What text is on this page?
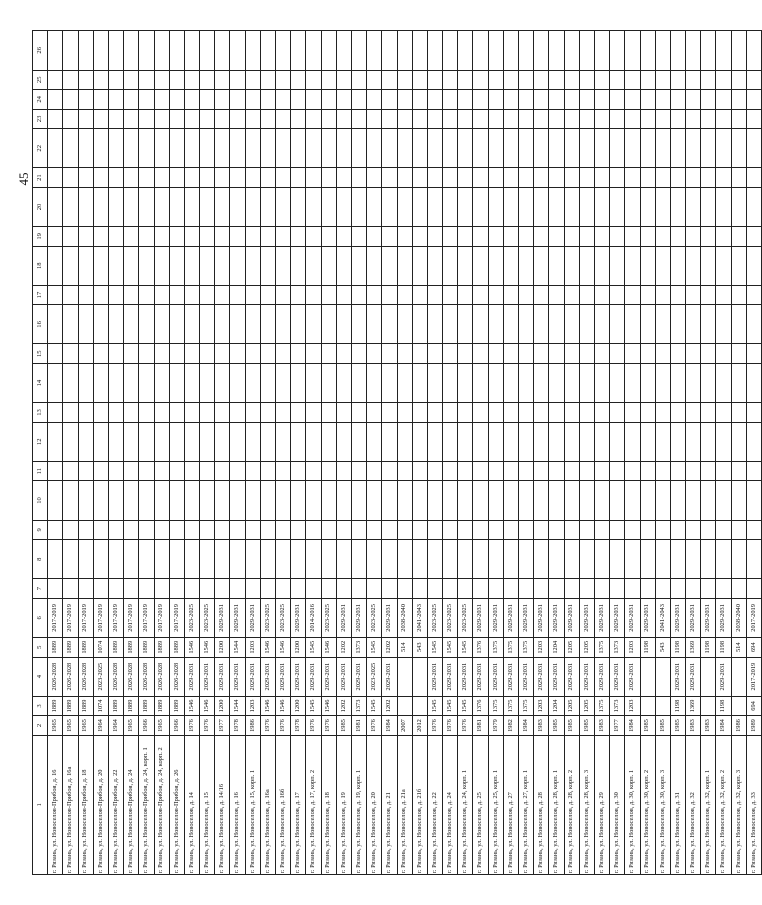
45
1	2	3	4	5	6	7	8	9	10	11	12	13	14	15	16	17	18	19	20	21	22	23	24	25	26
г. Рязань, ул. Новоселов-Прибоя, д. 16	1965	1889	2026-2028	1889	2017-2019																				
г. Рязань, ул. Новоселов-Прибоя, д. 16а	1965	1889	2026-2028	1889	2017-2019																				
г. Рязань, ул. Новоселов-Прибоя, д. 18	1965	1889	2026-2028	1889	2017-2019																				
г. Рязань, ул. Новоселов-Прибоя, д. 20	1964	1074	2023-2025	1074	2017-2019																				
г. Рязань, ул. Новоселов-Прибоя, д. 22	1964	1889	2026-2028	1889	2017-2019																				
г. Рязань, ул. Новоселов-Прибоя, д. 24	1965	1889	2026-2028	1889	2017-2019																				
г. Рязань, ул. Новоселов-Прибоя, д. 24, корп. 1	1966	1889	2026-2028	1889	2017-2019																				
г. Рязань, ул. Новоселов-Прибоя, д. 24, корп. 2	1965	1889	2026-2028	1889	2017-2019																				
г. Рязань, ул. Новоселов-Прибоя, д. 26	1966	1889	2026-2028	1889	2017-2019																				
г. Рязань, ул. Новоселов, д. 14	1976	1546	2029-2031	1546	2023-2025																				
г. Рязань, ул. Новоселов, д. 15	1976	1546	2029-2031	1546	2023-2025																				
г. Рязань, ул. Новоселов, д. 14/16	1977	1200	2029-2031	1200	2029-2031																				
г. Рязань, ул. Новоселов, д. 16	1978	1544	2029-2031	1544	2029-2031																				
г. Рязань, ул. Новоселов, д. 15, корп. 1	1986	1203	2029-2031	1203	2029-2031																				
г. Рязань, ул. Новоселов, д. 16а	1976	1546	2029-2031	1546	2023-2025																				
г. Рязань, ул. Новоселов, д. 16б	1976	1546	2029-2031	1546	2023-2025																				
г. Рязань, ул. Новоселов, д. 17	1978	1200	2029-2031	1200	2029-2031																				
г. Рязань, ул. Новоселов, д. 17, корп. 2	1976	1545	2029-2031	1545	2014-2016																				
г. Рязань, ул. Новоселов, д. 18	1976	1546	2029-2031	1546	2023-2025																				
г. Рязань, ул. Новоселов, д. 19	1985	1202	2029-2031	1202	2029-2031																				
г. Рязань, ул. Новоселов, д. 19, корп. 1	1981	1373	2029-2031	1373	2029-2031																				
г. Рязань, ул. Новоселов, д. 20	1976	1545	2023-2025	1545	2023-2025																				
г. Рязань, ул. Новоселов, д. 21	1984	1202	2029-2031	1202	2029-2031																				
г. Рязань, ул. Новоселов, д. 21а	2007			514	2038-2040																				
г. Рязань, ул. Новоселов, д. 21б	2012			543	2041-2043																				
г. Рязань, ул. Новоселов, д. 22	1976	1545	2029-2031	1545	2023-2025																				
г. Рязань, ул. Новоселов, д. 24	1976	1545	2029-2031	1545	2023-2025																				
г. Рязань, ул. Новоселов, д. 24, корп. 1	1976	1545	2029-2031	1545	2023-2025																				
г. Рязань, ул. Новоселов, д. 25	1981	1376	2029-2031	1376	2029-2031																				
г. Рязань, ул. Новоселов, д. 25, корп. 1	1979	1375	2029-2031	1375	2029-2031																				
г. Рязань, ул. Новоселов, д. 27	1982	1375	2029-2031	1375	2029-2031																				
г. Рязань, ул. Новоселов, д. 27, корп. 1	1984	1375	2029-2031	1375	2029-2031																				
г. Рязань, ул. Новоселов, д. 28	1983	1203	2029-2031	1203	2029-2031																				
г. Рязань, ул. Новоселов, д. 28, корп. 1	1985	1204	2029-2031	1204	2029-2031																				
г. Рязань, ул. Новоселов, д. 28, корп. 2	1985	1205	2029-2031	1205	2029-2031																				
г. Рязань, ул. Новоселов, д. 28, корп. 3	1985	1205	2029-2031	1205	2029-2031																				
г. Рязань, ул. Новоселов, д. 29	1983	1375	2029-2031	1375	2029-2031																				
г. Рязань, ул. Новоселов, д. 30	1977	1373	2029-2031	1373	2029-2031																				
г. Рязань, ул. Новоселов, д. 30, корп. 1	1984	1203	2029-2031	1203	2029-2031																				
г. Рязань, ул. Новоселов, д. 30, корп. 2	1985			1198	2029-2031																				
г. Рязань, ул. Новоселов, д. 30, корп. 3	1985			543	2041-2043																				
г. Рязань, ул. Новоселов, д. 31	1985	1198	2029-2031	1198	2029-2031																				
г. Рязань, ул. Новоселов, д. 32	1983	1369	2029-2031	1369	2029-2031																				
г. Рязань, ул. Новоселов, д. 32, корп. 1	1983			1198	2029-2031																				
г. Рязань, ул. Новоселов, д. 32, корп. 2	1984	1198	2029-2031	1198	2029-2031																				
г. Рязань, ул. Новоселов, д. 32, корп. 3	1986			514	2038-2040																				
г. Рязань, ул. Новоселов, д. 33	1989	694	2017-2019	694	2017-2019																				
